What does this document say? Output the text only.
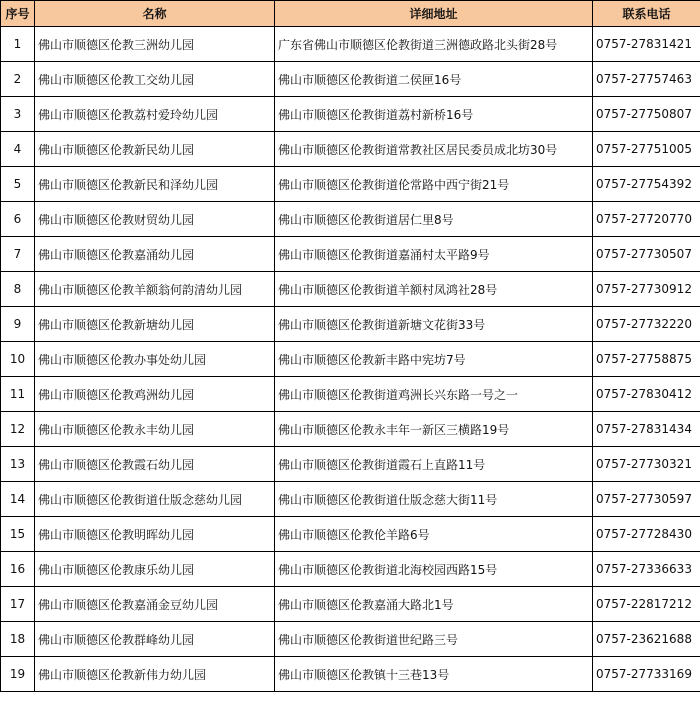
序号	名称	详细地址	联系电话
1	佛山市顺德区伦教三洲幼儿园	广东省佛山市顺德区伦教街道三洲德政路北头街28号	0757-27831421
2	佛山市顺德区伦教工交幼儿园	佛山市顺德区伦教街道二侯匣16号	0757-27757463
3	佛山市顺德区伦教荔村爱玲幼儿园	佛山市顺德区伦教街道荔村新桥16号	0757-27750807
4	佛山市顺德区伦教新民幼儿园	佛山市顺德区伦教街道常教社区居民委员成北坊30号	0757-27751005
5	佛山市顺德区伦教新民和泽幼儿园	佛山市顺德区伦教街道伦常路中西宁街21号	0757-27754392
6	佛山市顺德区伦教财贸幼儿园	佛山市顺德区伦教街道居仁里8号	0757-27720770
7	佛山市顺德区伦教嘉涌幼儿园	佛山市顺德区伦教街道嘉涌村太平路9号	0757-27730507
8	佛山市顺德区伦教羊额翁何韵清幼儿园	佛山市顺德区伦教街道羊额村凤鸿社28号	0757-27730912
9	佛山市顺德区伦教新塘幼儿园	佛山市顺德区伦教街道新塘文花街33号	0757-27732220
10	佛山市顺德区伦教办事处幼儿园	佛山市顺德区伦教新丰路中宪坊7号	0757-27758875
11	佛山市顺德区伦教鸡洲幼儿园	佛山市顺德区伦教街道鸡洲长兴东路一号之一	0757-27830412
12	佛山市顺德区伦教永丰幼儿园	佛山市顺德区伦教永丰年一新区三横路19号	0757-27831434
13	佛山市顺德区伦教霞石幼儿园	佛山市顺德区伦教街道霞石上直路11号	0757-27730321
14	佛山市顺德区伦教街道仕版念慈幼儿园	佛山市顺德区伦教街道仕版念慈大街11号	0757-27730597
15	佛山市顺德区伦教明晖幼儿园	佛山市顺德区伦教伦羊路6号	0757-27728430
16	佛山市顺德区伦教康乐幼儿园	佛山市顺德区伦教街道北海校园西路15号	0757-27336633
17	佛山市顺德区伦教嘉涌金豆幼儿园	佛山市顺德区伦教嘉涌大路北1号	0757-22817212
18	佛山市顺德区伦教群峰幼儿园	佛山市顺德区伦教街道世纪路三号	0757-23621688
19	佛山市顺德区伦教新伟力幼儿园	佛山市顺德区伦教镇十三巷13号	0757-27733169
